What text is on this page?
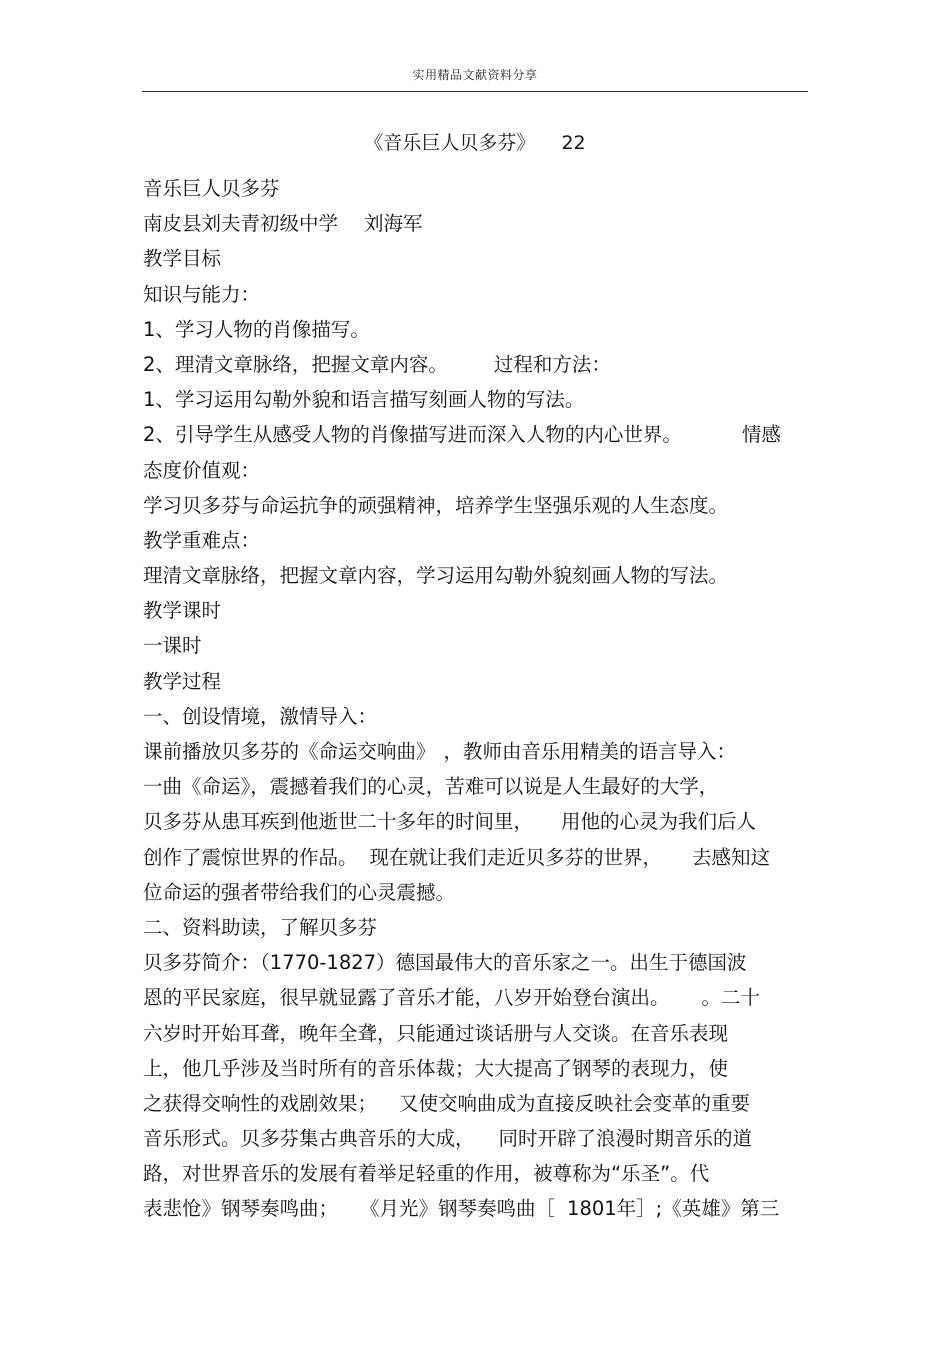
实用精品文献资料分享
《音乐巨人贝多芬》 22
音乐巨人贝多芬
南皮县刘夫青初级中学 刘海军
教学目标
知识与能力：
1、学习人物的肖像描写。
2、理清文章脉络，把握文章内容。 过程和方法：
1、学习运用勾勒外貌和语言描写刻画人物的写法。
2、引导学生从感受人物的肖像描写进而深入人物的内心世界。	情感
态度价值观：
学习贝多芬与命运抗争的顽强精神，培养学生坚强乐观的人生态度。
教学重难点：
理清文章脉络，把握文章内容，学习运用勾勒外貌刻画人物的写法。
教学课时
一课时
教学过程
一、创设情境，激情导入：
课前播放贝多芬的《命运交响曲》 ，教师由音乐用精美的语言导入：
一曲《命运》，震撼着我们的心灵，苦难可以说是人生最好的大学，
贝多芬从患耳疾到他逝世二十多年的时间里， 用他的心灵为我们后人
创作了震惊世界的作品。 现在就让我们走近贝多芬的世界， 去感知这
位命运的强者带给我们的心灵震撼。
二、资料助读，了解贝多芬
贝多芬简介：（1770-1827）德国最伟大的音乐家之一。出生于德国波
恩的平民家庭，很早就显露了音乐才能，八岁开始登台演出。 。二十
六岁时开始耳聋，晚年全聋，只能通过谈话册与人交谈。在音乐表现
上，他几乎涉及当时所有的音乐体裁；大大提高了钢琴的表现力，使
之获得交响性的戏剧效果； 又使交响曲成为直接反映社会变革的重要
音乐形式。贝多芬集古典音乐的大成， 同时开辟了浪漫时期音乐的道
路，对世界音乐的发展有着举足轻重的作用，被尊称为“乐圣”。代
表悲怆》钢琴奏鸣曲； 《月光》钢琴奏鸣曲［ 1801年］;《英雄》第三
